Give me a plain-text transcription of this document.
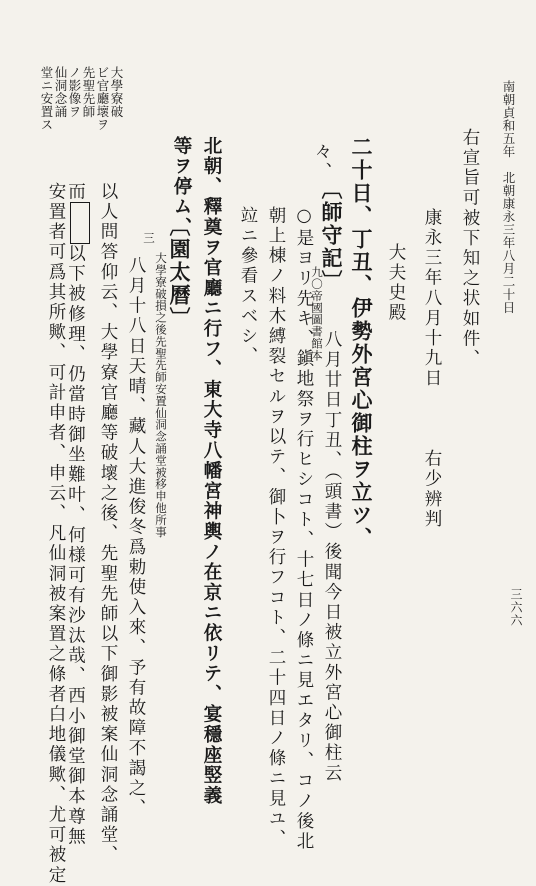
南朝貞和五年　北朝康永三年八月二十日
三六六
右宣旨可被下知之状如件、
康永三年八月十九日　　　右少辨判
大夫史殿
二十日、丁丑、伊勢外宮心御柱ヲ立ツ、
々、
〔師守記〕
九〇帝國圖書館本
八月廿日丁丑、（頭書）後聞今日被立外宮心御柱云
○是ヨリ先キ、鎭地祭ヲ行ヒシコト、十七日ノ條ニ見エタリ、コノ後北
朝上棟ノ料木縛裂セルヲ以テ、御卜ヲ行フコト、二十四日ノ條ニ見ユ、
竝ニ參看スベシ、
北朝、釋奠ヲ官廳ニ行フ、東大寺八幡宮神輿ノ在京ニ依リテ、宴穩座竪義
等ヲ停ム、
〔園太曆〕
三
大學寮破損之後先聖先師安置仙洞念誦堂被移申他所事
八月十八日天晴、藏人大進俊冬爲勅使入來、予有故障不謁之、
以人問答仰云、大學寮官廳等破壞之後、先聖先師以下御影被案仙洞念誦堂、
而以下被修理、仍當時御坐難叶、何様可有沙汰哉、西小御堂御本尊無
安置者可爲其所歟、可計申者、申云、凡仙洞被案置之條者白地儀歟、尤可被定
大學寮破
ビ官廳壞ヲ
先聖先師
ノ影像ヲ
仙洞念誦
堂ニ安置ス
